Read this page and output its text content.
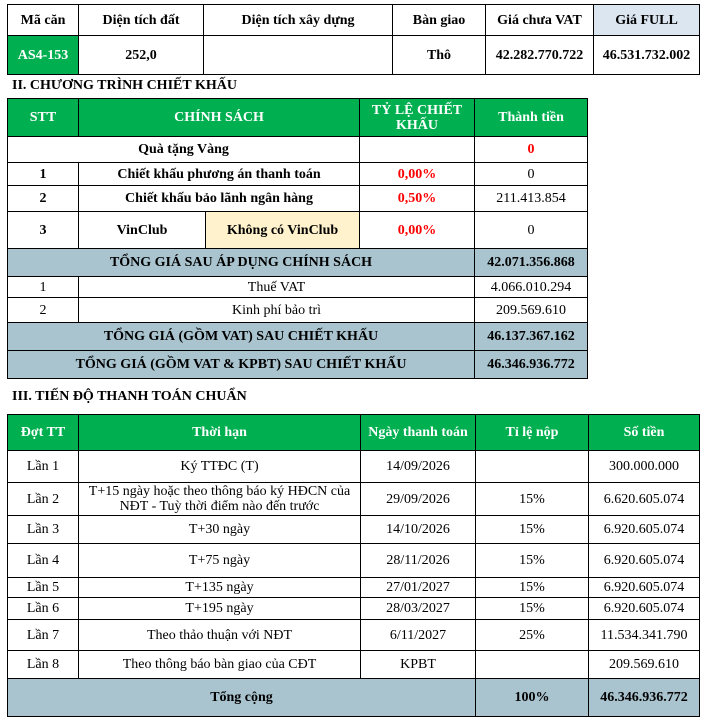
Mã căn	Diện tích đất	Diện tích xây dựng	Bàn giao	Giá chưa VAT	Giá FULL
AS4-153	252,0		Thô	42.282.770.722	46.531.732.002
II. CHƯƠNG TRÌNH CHIẾT KHẤU
STT	CHÍNH SÁCH		TỶ LỆ CHIẾT KHẤU	Thành tiền
Quà tặng Vàng				0
1	Chiết khấu phương án thanh toán		0,00%	0
2	Chiết khấu bảo lãnh ngân hàng		0,50%	211.413.854
3	VinClub	Không có VinClub	0,00%	0
TỔNG GIÁ SAU ÁP DỤNG CHÍNH SÁCH				42.071.356.868
1	Thuế VAT			4.066.010.294
2	Kinh phí bảo trì			209.569.610
TỔNG GIÁ (GỒM VAT) SAU CHIẾT KHẤU				46.137.367.162
TỔNG GIÁ (GỒM VAT & KPBT) SAU CHIẾT KHẤU				46.346.936.772
III. TIẾN ĐỘ THANH TOÁN CHUẨN
Đợt TT	Thời hạn	Ngày thanh toán	Tỉ lệ nộp	Số tiền
Lần 1	Ký TTĐC (T)	14/09/2026		300.000.000
Lần 2	T+15 ngày hoặc theo thông báo ký HĐCN của NĐT - Tuỳ thời điểm nào đến trước	29/09/2026	15%	6.620.605.074
Lần 3	T+30 ngày	14/10/2026	15%	6.920.605.074
Lần 4	T+75 ngày	28/11/2026	15%	6.920.605.074
Lần 5	T+135 ngày	27/01/2027	15%	6.920.605.074
Lần 6	T+195 ngày	28/03/2027	15%	6.920.605.074
Lần 7	Theo thảo thuận với NĐT	6/11/2027	25%	11.534.341.790
Lần 8	Theo thông báo bàn giao của CĐT	KPBT		209.569.610
Tổng cộng			100%	46.346.936.772
